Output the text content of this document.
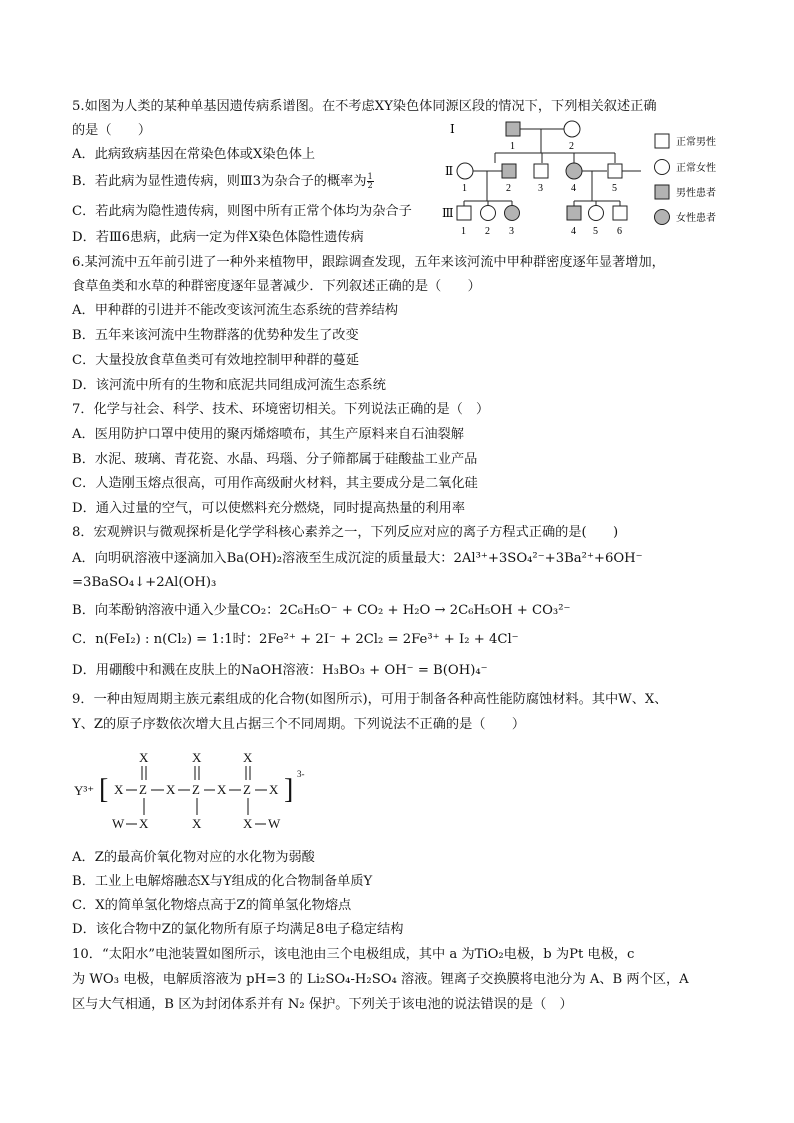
5.如图为人类的某种单基因遗传病系谱图。在不考虑XY染色体同源区段的情况下，下列相关叙述正确
的是（　　）
A．此病致病基因在常染色体或X染色体上
B．若此病为显性遗传病，则Ⅲ3为杂合子的概率为 $\frac{1}{2}$
C．若此病为隐性遗传病，则图中所有正常个体均为杂合子
D．若Ⅲ6患病，此病一定为伴X染色体隐性遗传病
Ⅰ
Ⅱ
Ⅲ
1	2
1	2	3	4	5
1 2 3	4 5 6
正常男性
正常女性
男性患者
女性患者
6.某河流中五年前引进了一种外来植物甲，跟踪调查发现，五年来该河流中甲种群密度逐年显著增加，
食草鱼类和水草的种群密度逐年显著减少．下列叙述正确的是（　　）
A．甲种群的引进并不能改变该河流生态系统的营养结构
B．五年来该河流中生物群落的优势种发生了改变
C．大量投放食草鱼类可有效地控制甲种群的蔓延
D．该河流中所有的生物和底泥共同组成河流生态系统
7．化学与社会、科学、技术、环境密切相关。下列说法正确的是（　）
A．医用防护口罩中使用的聚丙烯熔喷布，其生产原料来自石油裂解
B．水泥、玻璃、青花瓷、水晶、玛瑙、分子筛都属于硅酸盐工业产品
C．人造刚玉熔点很高，可用作高级耐火材料，其主要成分是二氧化硅
D．通入过量的空气，可以使燃料充分燃烧，同时提高热量的利用率
8．宏观辨识与微观探析是化学学科核心素养之一，下列反应对应的离子方程式正确的是(　　)
A．向明矾溶液中逐滴加入Ba(OH)₂溶液至生成沉淀的质量最大：2Al³⁺+3SO₄²⁻+3Ba²⁺+6OH⁻
=3BaSO₄↓+2Al(OH)₃
B．向苯酚钠溶液中通入少量CO₂：2C₆H₅O⁻ + CO₂ + H₂O → 2C₆H₅OH + CO₃²⁻
C．n(FeI₂) : n(Cl₂) = 1:1时：2Fe²⁺ + 2I⁻ + 2Cl₂ = 2Fe³⁺ + I₂ + 4Cl⁻
D．用硼酸中和溅在皮肤上的NaOH溶液：H₃BO₃ + OH⁻ = B(OH)₄⁻
9．一种由短周期主族元素组成的化合物(如图所示)，可用于制备各种高性能防腐蚀材料。其中W、X、
Y、Z的原子序数依次增大且占据三个不同周期。下列说法不正确的是（　　）
Y³⁺ [	] 3-
X	X	X
X Z X Z X Z X
W X	X	X W
A．Z的最高价氧化物对应的水化物为弱酸
B．工业上电解熔融态X与Y组成的化合物制备单质Y
C．X的简单氢化物熔点高于Z的简单氢化物熔点
D．该化合物中Z的氯化物所有原子均满足8电子稳定结构
10．“太阳水”电池装置如图所示，该电池由三个电极组成，其中 a 为TiO₂电极，b 为Pt 电极，c
为 WO₃ 电极，电解质溶液为 pH=3 的 Li₂SO₄-H₂SO₄ 溶液。锂离子交换膜将电池分为 A、B 两个区，A
区与大气相通，B 区为封闭体系并有 N₂ 保护。下列关于该电池的说法错误的是（　）
